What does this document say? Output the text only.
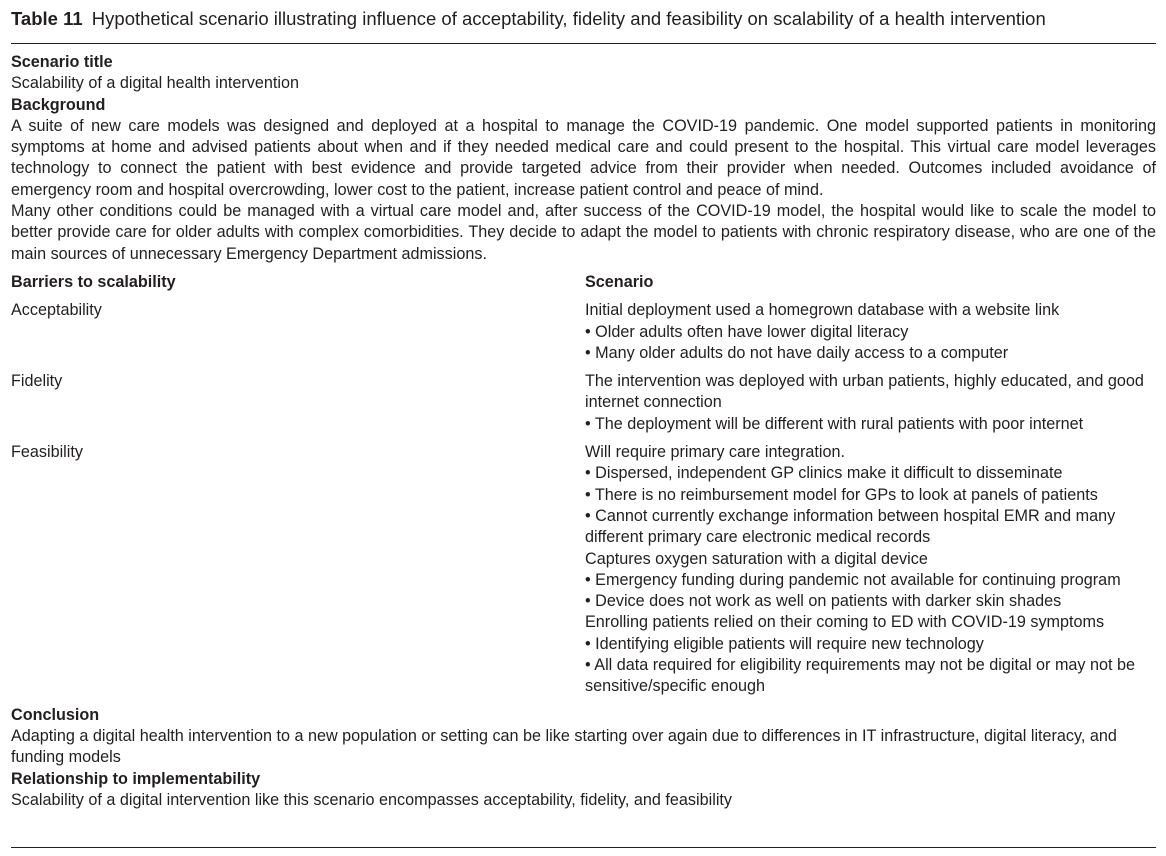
Table 11 Hypothetical scenario illustrating influence of acceptability, fidelity and feasibility on scalability of a health intervention
Scenario title
Scalability of a digital health intervention
Background
A suite of new care models was designed and deployed at a hospital to manage the COVID-19 pandemic. One model supported patients in monitoring symptoms at home and advised patients about when and if they needed medical care and could present to the hospital. This virtual care model leverages technology to connect the patient with best evidence and provide targeted advice from their provider when needed. Outcomes included avoidance of emergency room and hospital overcrowding, lower cost to the patient, increase patient control and peace of mind.
Many other conditions could be managed with a virtual care model and, after success of the COVID-19 model, the hospital would like to scale the model to better provide care for older adults with complex comorbidities. They decide to adapt the model to patients with chronic respiratory disease, who are one of the main sources of unnecessary Emergency Department admissions.
Barriers to scalability	Scenario
Acceptability	Initial deployment used a homegrown database with a website link
• Older adults often have lower digital literacy
• Many older adults do not have daily access to a computer
Fidelity	The intervention was deployed with urban patients, highly educated, and good internet connection
• The deployment will be different with rural patients with poor internet
Feasibility	Will require primary care integration.
• Dispersed, independent GP clinics make it difficult to disseminate
• There is no reimbursement model for GPs to look at panels of patients
• Cannot currently exchange information between hospital EMR and many different primary care electronic medical records
Captures oxygen saturation with a digital device
• Emergency funding during pandemic not available for continuing program
• Device does not work as well on patients with darker skin shades
Enrolling patients relied on their coming to ED with COVID-19 symptoms
• Identifying eligible patients will require new technology
• All data required for eligibility requirements may not be digital or may not be sensitive/specific enough
Conclusion
Adapting a digital health intervention to a new population or setting can be like starting over again due to differences in IT infrastructure, digital literacy, and funding models
Relationship to implementability
Scalability of a digital intervention like this scenario encompasses acceptability, fidelity, and feasibility
